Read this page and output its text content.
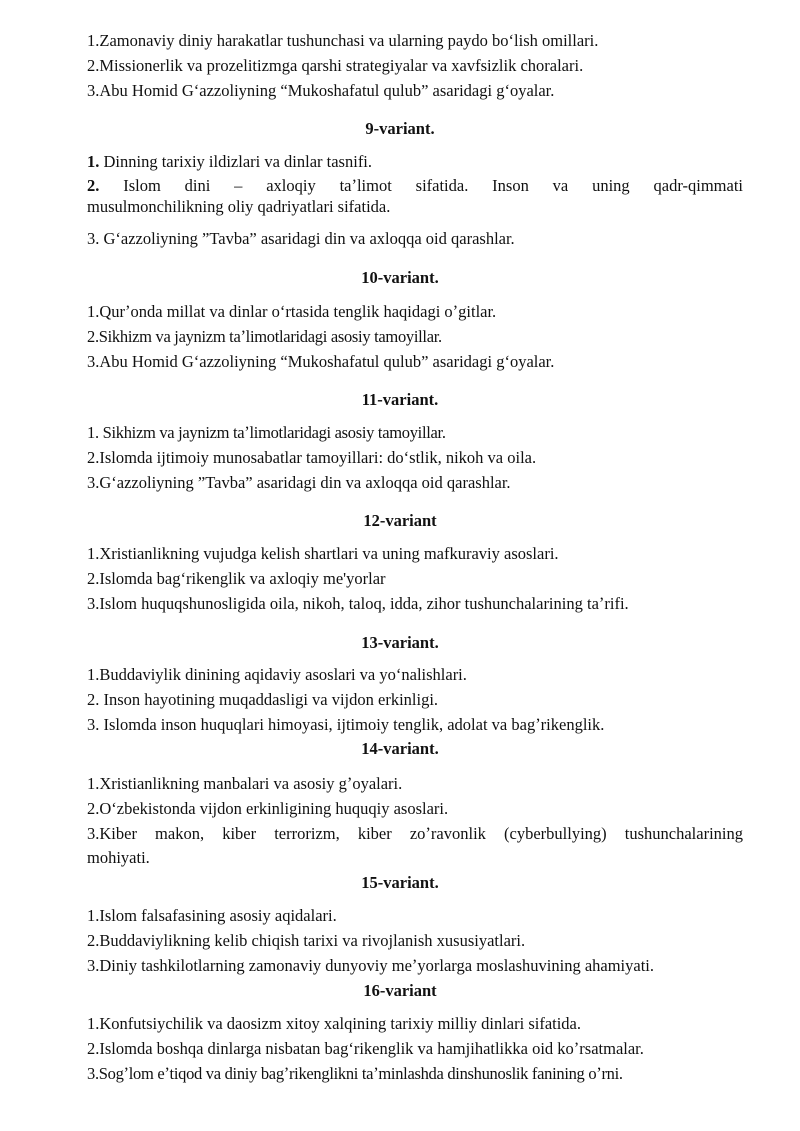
1.Zamonaviy diniy harakatlar tushunchasi va ularning paydo boʻlish omillari.
2.Missionerlik va prozelitizmga qarshi strategiyalar va xavfsizlik choralari.
3.Abu Homid Gʻazzoliyning “Mukoshafatul qulub” asaridagi gʻoyalar.
9-variant.
1. Dinning tarixiy ildizlari va dinlar tasnifi.
2. Islom dini – axloqiy taʼlimot sifatida. Inson va uning qadr-qimmati
musulmonchilikning oliy qadriyatlari sifatida.
3. Gʻazzoliyning ”Tavba” asaridagi din va axloqqa oid qarashlar.
10-variant.
1.Qurʼonda millat va dinlar oʻrtasida tenglik haqidagi oʼgitlar.
2.Sikhizm va jaynizm taʼlimotlaridagi asosiy tamoyillar.
3.Abu Homid Gʻazzoliyning “Mukoshafatul qulub” asaridagi gʻoyalar.
11-variant.
1. Sikhizm va jaynizm taʼlimotlaridagi asosiy tamoyillar.
2.Islomda ijtimoiy munosabatlar tamoyillari: doʻstlik, nikoh va oila.
3.Gʻazzoliyning ”Tavba” asaridagi din va axloqqa oid qarashlar.
12-variant
1.Xristianlikning vujudga kelish shartlari va uning mafkuraviy asoslari.
2.Islomda bagʻrikenglik va axloqiy me'yorlar
3.Islom huquqshunosligida oila, nikoh, taloq, idda, zihor tushunchalarining taʼrifi.
13-variant.
1.Buddaviylik dinining aqidaviy asoslari va yoʻnalishlari.
2. Inson hayotining muqaddasligi va vijdon erkinligi.
3. Islomda inson huquqlari himoyasi, ijtimoiy tenglik, adolat va bagʼrikenglik.
14-variant.
1.Xristianlikning manbalari va asosiy gʼoyalari.
2.Oʻzbekistonda vijdon erkinligining huquqiy asoslari.
3.Kiber makon, kiber terrorizm, kiber zoʼravonlik (cyberbullying) tushunchalarining
mohiyati.
15-variant.
1.Islom falsafasining asosiy aqidalari.
2.Buddaviylikning kelib chiqish tarixi va rivojlanish xususiyatlari.
3.Diniy tashkilotlarning zamonaviy dunyoviy meʼyorlarga moslashuvining ahamiyati.
16-variant
1.Konfutsiychilik va daosizm xitoy xalqining tarixiy milliy dinlari sifatida.
2.Islomda boshqa dinlarga nisbatan bagʻrikenglik va hamjihatlikka oid koʼrsatmalar.
3.Sogʼlom eʼtiqod va diniy bagʼrikenglikni taʼminlashda dinshunoslik fanining oʼrni.
